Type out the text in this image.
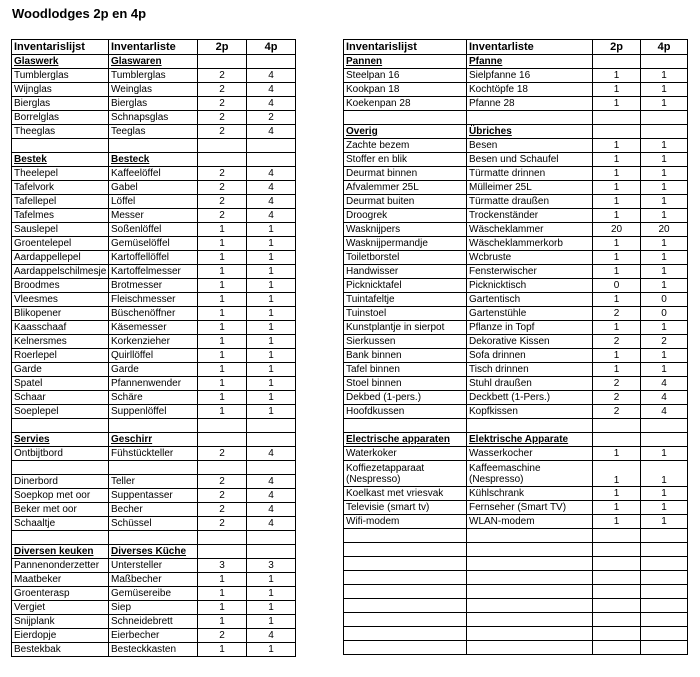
Woodlodges 2p en 4p
Inventarislijst	Inventarliste	2p	4p
Glaswerk	Glaswaren		
Tumblerglas	Tumblerglas	2	4
Wijnglas	Weinglas	2	4
Bierglas	Bierglas	2	4
Borrelglas	Schnapsglas	2	2
Theeglas	Teeglas	2	4

Bestek	Besteck		
Theelepel	Kaffeelöffel	2	4
Tafelvork	Gabel	2	4
Tafellepel	Löffel	2	4
Tafelmes	Messer	2	4
Sauslepel	Soßenlöffel	1	1
Groentelepel	Gemüselöffel	1	1
Aardappellepel	Kartoffellöffel	1	1
Aardappelschilmesje	Kartoffelmesser	1	1
Broodmes	Brotmesser	1	1
Vleesmes	Fleischmesser	1	1
Blikopener	Büschenöffner	1	1
Kaasschaaf	Käsemesser	1	1
Kelnersmes	Korkenzieher	1	1
Roerlepel	Quirllöffel	1	1
Garde	Garde	1	1
Spatel	Pfannenwender	1	1
Schaar	Schäre	1	1
Soeplepel	Suppenlöffel	1	1

Servies	Geschirr		
Ontbijtbord	Fühstückteller	2	4

Dinerbord	Teller	2	4
Soepkop met oor	Suppentasser	2	4
Beker met oor	Becher	2	4
Schaaltje	Schüssel	2	4

Diversen keuken	Diverses Küche		
Pannenonderzetter	Untersteller	3	3
Maatbeker	Maßbecher	1	1
Groenterasp	Gemüsereibe	1	1
Vergiet	Siep	1	1
Snijplank	Schneidebrett	1	1
Eierdopje	Eierbecher	2	4
Bestekbak	Besteckkasten	1	1
Inventarislijst	Inventarliste	2p	4p
Pannen	Pfanne		
Steelpan 16	Sielpfanne 16	1	1
Kookpan 18	Kochtöpfe 18	1	1
Koekenpan 28	Pfanne 28	1	1

Overig	Übriches		
Zachte bezem	Besen	1	1
Stoffer en blik	Besen und Schaufel	1	1
Deurmat binnen	Türmatte drinnen	1	1
Afvalemmer 25L	Mülleimer 25L	1	1
Deurmat buiten	Türmatte draußen	1	1
Droogrek	Trockenständer	1	1
Wasknijpers	Wäscheklammer	20	20
Wasknijpermandje	Wäscheklammerkorb	1	1
Toiletborstel	Wcbruste	1	1
Handwisser	Fensterwischer	1	1
Picknicktafel	Picknicktisch	0	1
Tuintafeltje	Gartentisch	1	0
Tuinstoel	Gartenstühle	2	0
Kunstplantje in sierpot	Pflanze in Topf	1	1
Sierkussen	Dekorative Kissen	2	2
Bank binnen	Sofa drinnen	1	1
Tafel binnen	Tisch drinnen	1	1
Stoel binnen	Stuhl draußen	2	4
Dekbed (1-pers.)	Deckbett (1-Pers.)	2	4
Hoofdkussen	Kopfkissen	2	4

Electrische apparaten	Elektrische Apparate		
Waterkoker	Wasserkocher	1	1
Koffiezetapparaat (Nespresso)	Kaffeemaschine (Nespresso)	1	1
Koelkast met vriesvak	Kühlschrank	1	1
Televisie (smart tv)	Fernseher (Smart TV)	1	1
Wifi-modem	WLAN-modem	1	1
